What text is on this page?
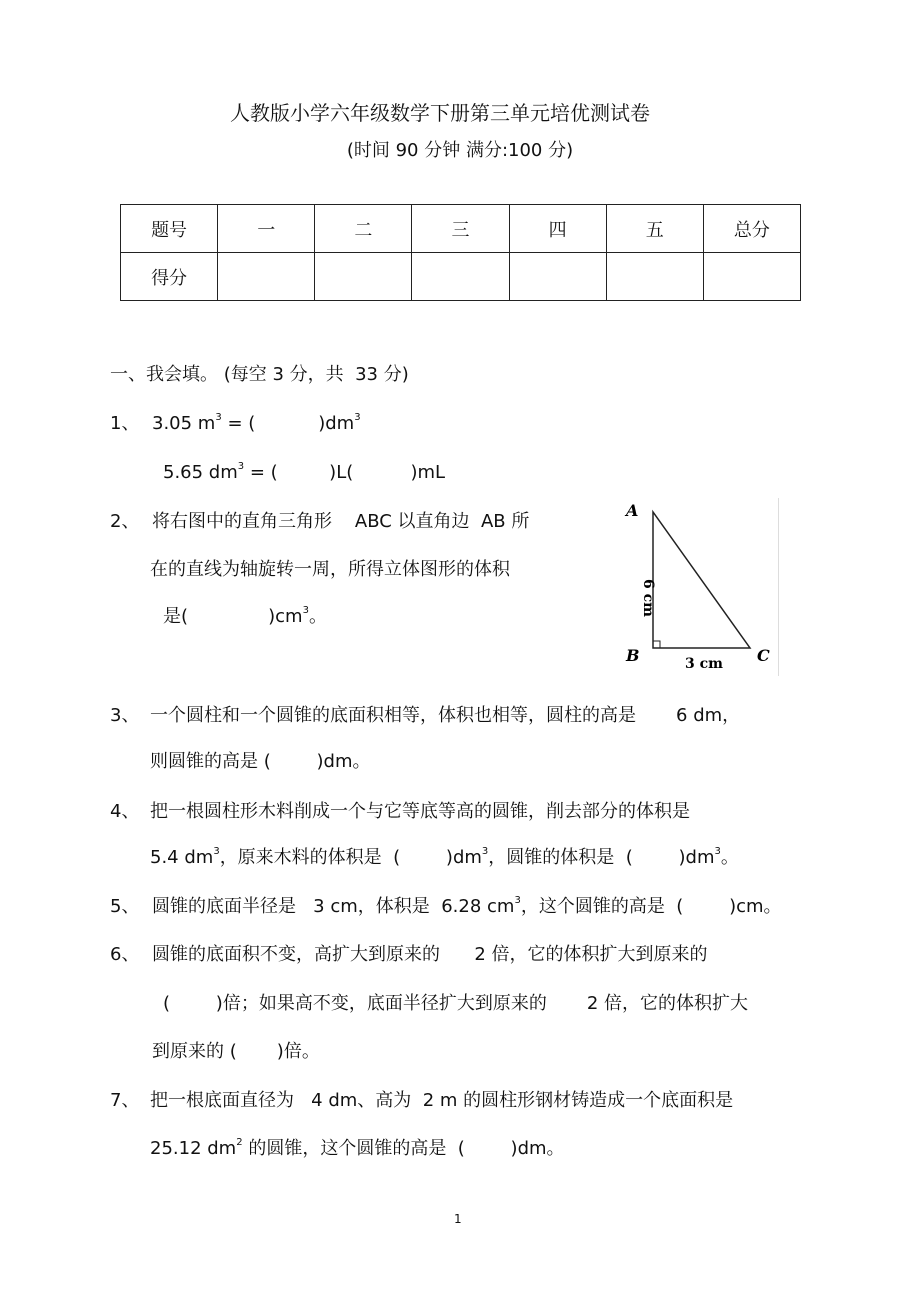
人教版小学六年级数学下册第三单元培优测试卷
(时间 90 分钟 满分:100 分)
题号	一	二	三	四	五	总分
得分						
一、我会填。 (每空 3 分，共  33 分)
1、 3.05 $m^3$ = (           )$dm^3$
5.65 $dm^3$ = (         )L(          )mL
2、 将右图中的直角三角形    ABC 以直角边  AB 所
在的直线为轴旋转一周，所得立体图形的体积
是(              )$cm^3$。
3、 一个圆柱和一个圆锥的底面积相等，体积也相等，圆柱的高是       6 dm，
则圆锥的高是 (        )dm。
4、 把一根圆柱形木料削成一个与它等底等高的圆锥，削去部分的体积是
5.4 $dm^3$，原来木料的体积是  (        )$dm^3$，圆锥的体积是  (        )$dm^3$。
5、 圆锥的底面半径是   3 cm，体积是  6.28 $cm^3$，这个圆锥的高是  (        )cm。
6、 圆锥的底面积不变，高扩大到原来的      2 倍，它的体积扩大到原来的
(        )倍；如果高不变，底面半径扩大到原来的       2 倍，它的体积扩大
到原来的 (       )倍。
7、 把一根底面直径为   4 dm、高为  2 m 的圆柱形钢材铸造成一个底面积是
25.12 $dm^2$ 的圆锥，这个圆锥的高是  (        )dm。
A
B	C
6 cm
3 cm
1
